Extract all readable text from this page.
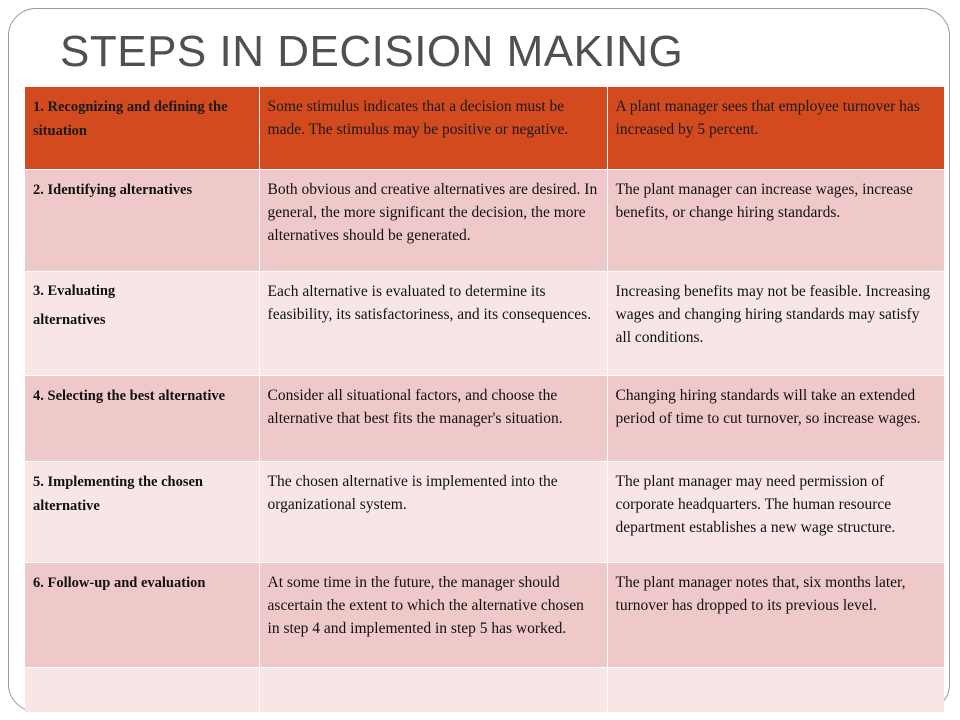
STEPS IN DECISION MAKING
1. Recognizing and defining the situation	Some stimulus indicates that a decision must be made. The stimulus may be positive or negative.	A plant manager sees that employee turnover has increased by 5 percent.
2. Identifying alternatives	Both obvious and creative alternatives are desired. In general, the more significant the decision, the more alternatives should be generated.	The plant manager can increase wages, increase benefits, or change hiring standards.

3. Evaluating
alternatives	Each alternative is evaluated to determine its feasibility, its satisfactoriness, and its consequences.	Increasing benefits may not be feasible. Increasing wages and changing hiring standards may satisfy all conditions.
4. Selecting the best alternative	Consider all situational factors, and choose the alternative that best fits the manager's situation.	Changing hiring standards will take an extended period of time to cut turnover, so increase wages.
5. Implementing the chosen alternative	The chosen alternative is implemented into the organizational system.	The plant manager may need permission of corporate headquarters. The human resource department establishes a new wage structure.
6. Follow-up and evaluation	At some time in the future, the manager should ascertain the extent to which the alternative chosen in step 4 and implemented in step 5 has worked.	The plant manager notes that, six months later, turnover has dropped to its previous level.
